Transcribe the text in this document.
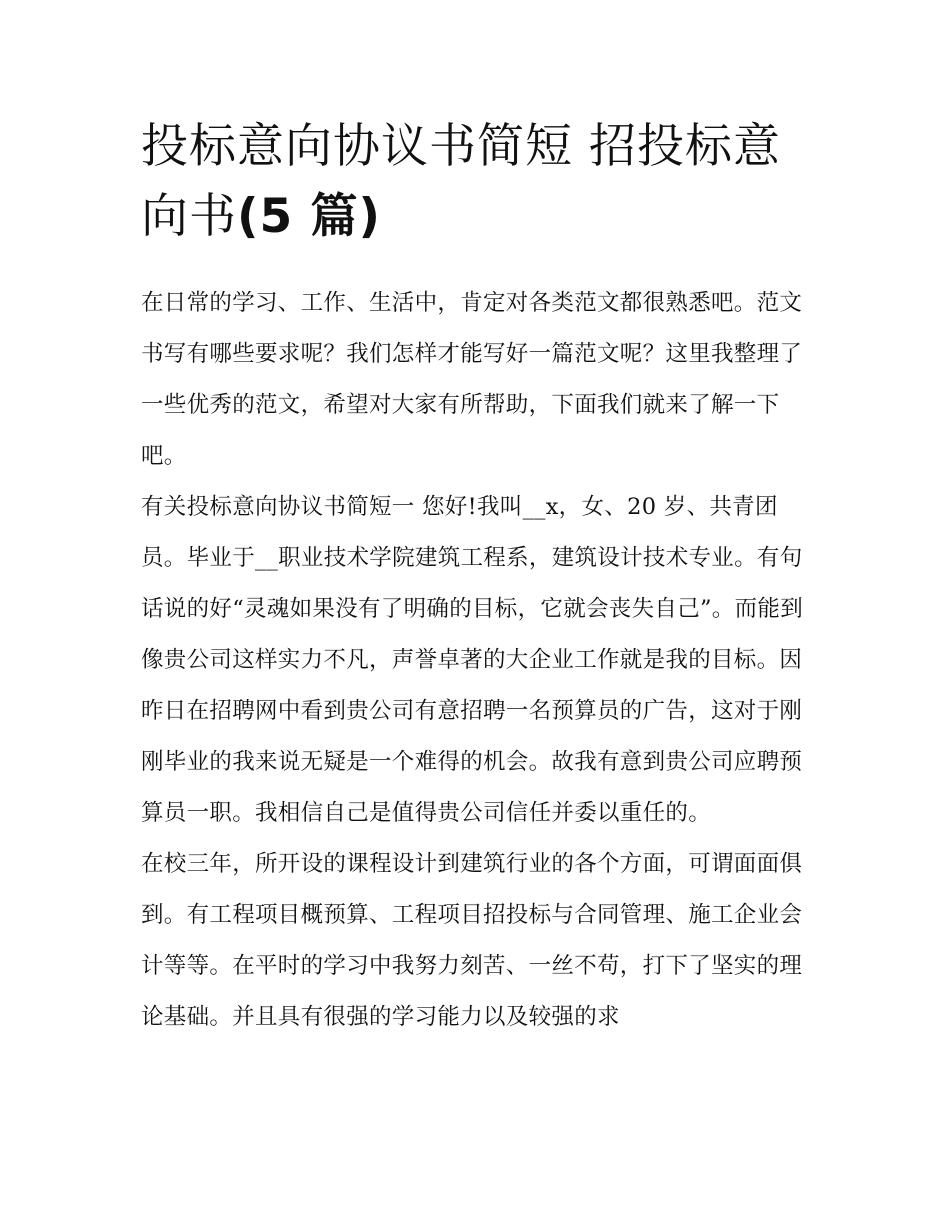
投标意向协议书简短 招投标意向书(5 篇)

在日常的学习、工作、生活中，肯定对各类范文都很熟悉吧。范文书写有哪些要求呢？我们怎样才能写好一篇范文呢？这里我整理了一些优秀的范文，希望对大家有所帮助，下面我们就来了解一下吧。

有关投标意向协议书简短一 您好!我叫__x，女、20 岁、共青团员。毕业于__职业技术学院建筑工程系，建筑设计技术专业。有句话说的好“灵魂如果没有了明确的目标，它就会丧失自己”。而能到像贵公司这样实力不凡，声誉卓著的大企业工作就是我的目标。因昨日在招聘网中看到贵公司有意招聘一名预算员的广告，这对于刚刚毕业的我来说无疑是一个难得的机会。故我有意到贵公司应聘预算员一职。我相信自己是值得贵公司信任并委以重任的。

在校三年，所开设的课程设计到建筑行业的各个方面，可谓面面俱到。有工程项目概预算、工程项目招投标与合同管理、施工企业会计等等。在平时的学习中我努力刻苦、一丝不苟，打下了坚实的理论基础。并且具有很强的学习能力以及较强的求
